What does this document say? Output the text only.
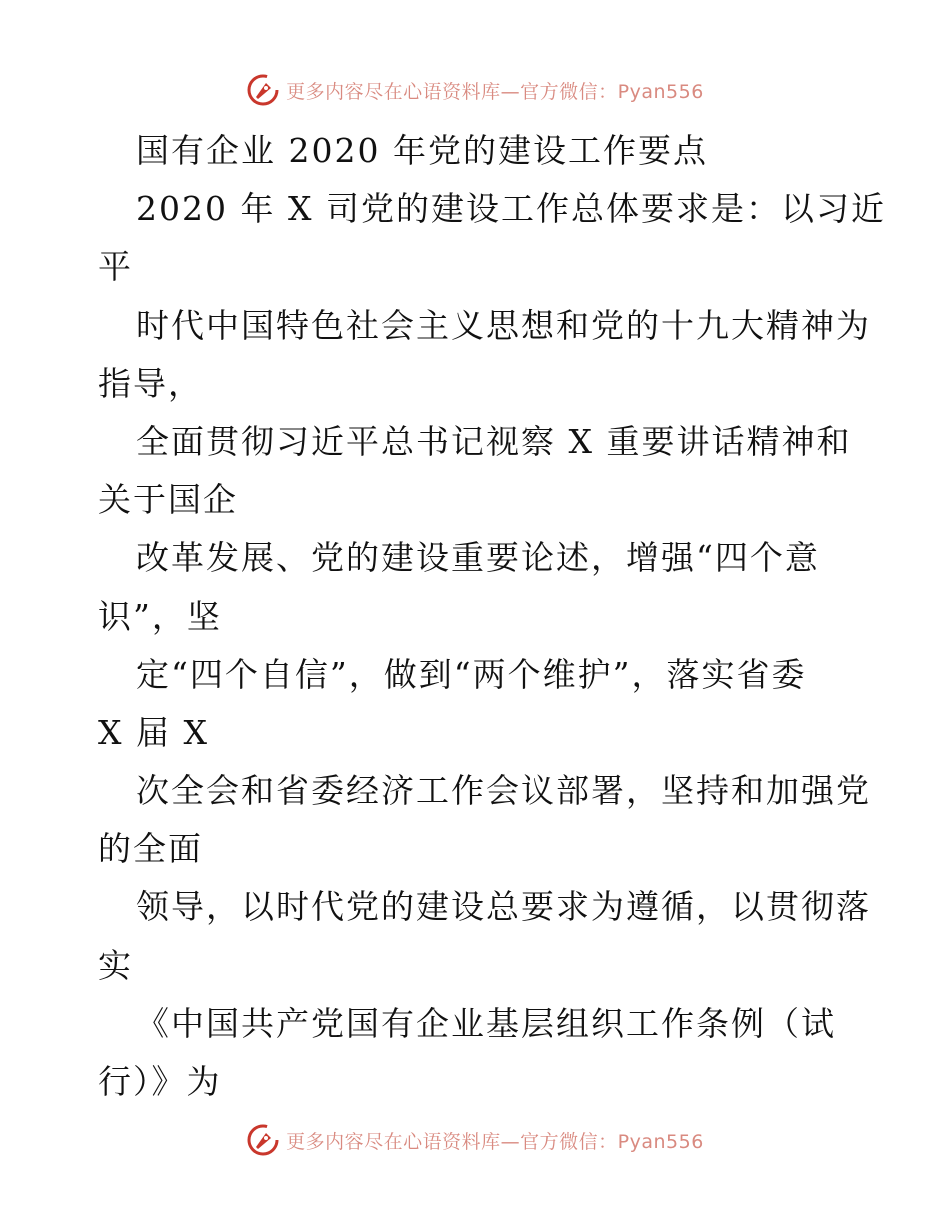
更多内容尽在心语资料库—官方微信：Pyan556
国有企业 2020 年党的建设工作要点
2020 年 X 司党的建设工作总体要求是：以习近
平
时代中国特色社会主义思想和党的十九大精神为
指导，
全面贯彻习近平总书记视察 X 重要讲话精神和
关于国企
改革发展、党的建设重要论述，增强“四个意
识”，坚
定“四个自信”，做到“两个维护”，落实省委
X 届 X
次全会和省委经济工作会议部署，坚持和加强党
的全面
领导，以时代党的建设总要求为遵循，以贯彻落
实
《中国共产党国有企业基层组织工作条例（试
行）》为
更多内容尽在心语资料库—官方微信：Pyan556
